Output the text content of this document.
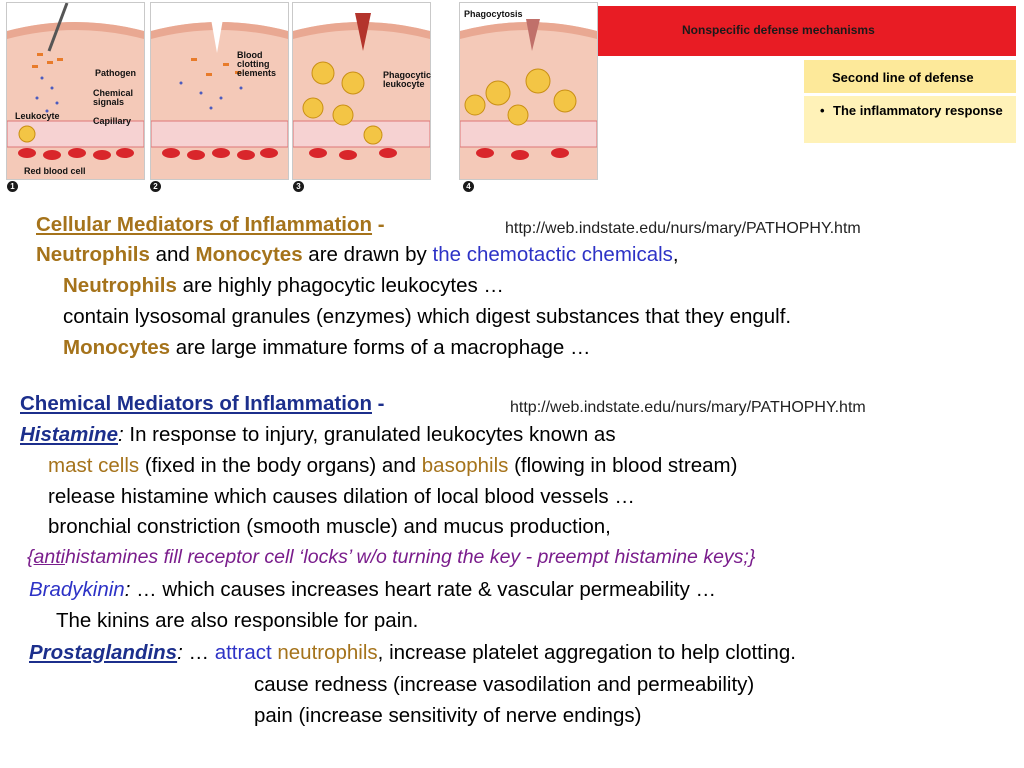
Pathogen
Chemical signals
Capillary
Leukocyte
Red blood cell
1
Blood clotting elements
2
Phagocytic leukocyte
3
Phagocytosis
4
Nonspecific defense mechanisms
Second line of defense
• The inflammatory response
Cellular Mediators of Inflammation -	http://web.indstate.edu/nurs/mary/PATHOPHY.htm
Neutrophils and Monocytes are drawn by the chemotactic chemicals,
Neutrophils are highly phagocytic leukocytes …
contain lysosomal granules (enzymes) which digest substances that they engulf.
Monocytes are large immature forms of a macrophage …
Chemical Mediators of Inflammation -	http://web.indstate.edu/nurs/mary/PATHOPHY.htm
Histamine: In response to injury, granulated leukocytes known as
mast cells (fixed in the body organs) and basophils (flowing in blood stream)
release histamine which causes dilation of local blood vessels …
bronchial constriction (smooth muscle) and mucus production,
{antihistamines fill receptor cell ‘locks’ w/o turning the key - preempt histamine keys;}
Bradykinin: … which causes increases heart rate & vascular permeability …
The kinins are also responsible for pain.
Prostaglandins: … attract neutrophils, increase platelet aggregation to help clotting.
cause redness (increase vasodilation and permeability)
pain (increase sensitivity of nerve endings)
